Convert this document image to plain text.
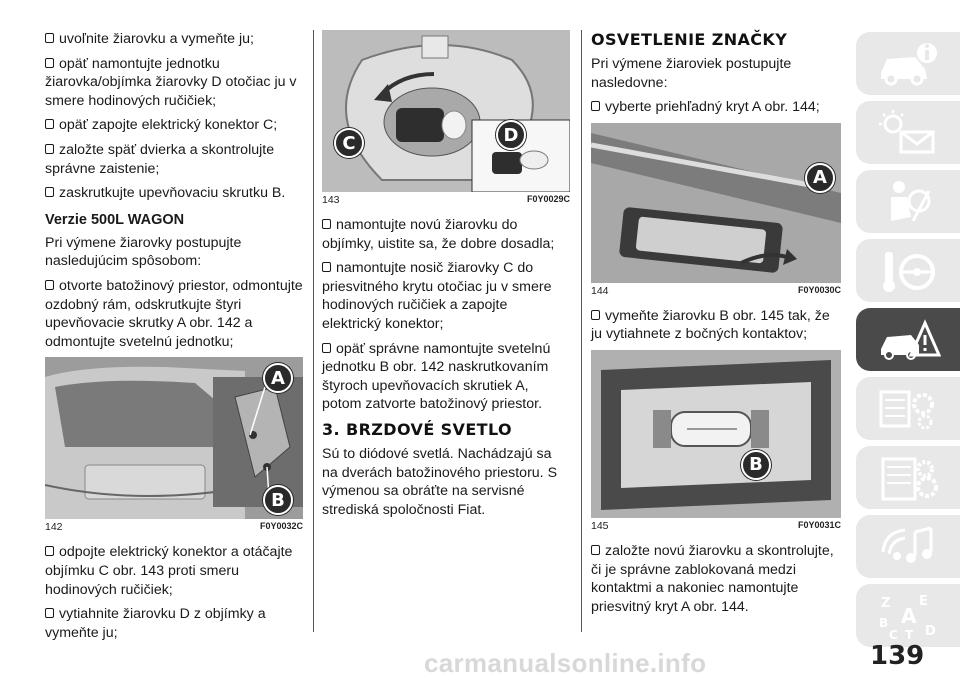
uvoľnite žiarovku a vymeňte ju;
opäť namontujte jednotku žiarovka/objímka žiarovky D otočiac ju v smere hodinových ručičiek;
opäť zapojte elektrický konektor C;
založte späť dvierka a skontrolujte správne zaistenie;
zaskrutkujte upevňovaciu skrutku B.
Verzie 500L WAGON
Pri výmene žiarovky postupujte nasledujúcim spôsobom:
otvorte batožinový priestor, odmontujte ozdobný rám, odskrutkujte štyri upevňovacie skrutky A obr. 142 a odmontujte svetelnú jednotku;
A
B
142	F0Y0032C
odpojte elektrický konektor a otáčajte objímku C obr. 143 proti smeru hodinových ručičiek;
vytiahnite žiarovku D z objímky a vymeňte ju;
C	D
143	F0Y0029C
namontujte novú žiarovku do objímky, uistite sa, že dobre dosadla;
namontujte nosič žiarovky C do priesvitného krytu otočiac ju v smere hodinových ručičiek a zapojte elektrický konektor;
opäť správne namontujte svetelnú jednotku B obr. 142 naskrutkovaním štyroch upevňovacích skrutiek A, potom zatvorte batožinový priestor.
3. BRZDOVÉ SVETLO
Sú to diódové svetlá. Nachádzajú sa na dverách batožinového priestoru. S výmenou sa obráťte na servisné strediská spoločnosti Fiat.
OSVETLENIE ZNAČKY
Pri výmene žiaroviek postupujte nasledovne:
vyberte priehľadný kryt A obr. 144;
A
144	F0Y0030C
vymeňte žiarovku B obr. 145 tak, že ju vytiahnete z bočných kontaktov;
B
145	F0Y0031C
založte novú žiarovku a skontrolujte, či je správne zablokovaná medzi kontaktmi a nakoniec namontujte priesvitný kryt A obr. 144.	Z E
A
B
C T D
carmanualsonline.info	139
